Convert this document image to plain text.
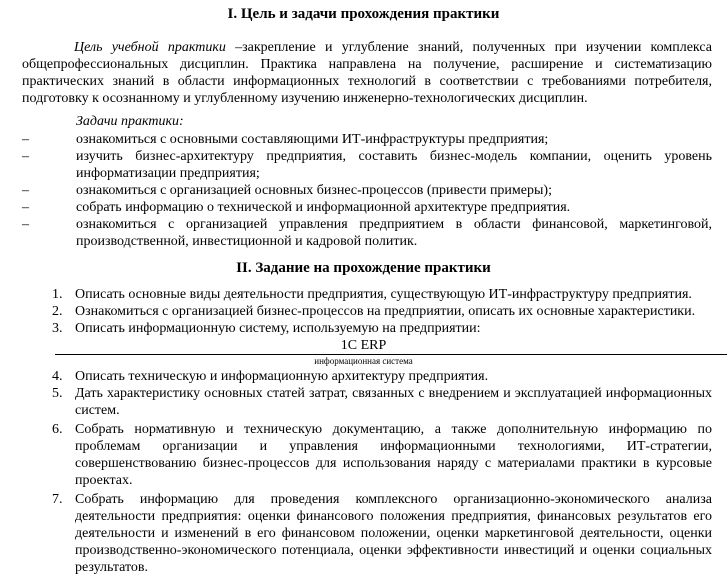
I. Цель и задачи прохождения практики

Цель учебной практики –закрепление и углубление знаний, полученных при изучении комплекса общепрофессиональных дисциплин. Практика направлена на получение, расширение и систематизацию практических знаний в области информационных технологий в соответствии с требованиями потребителя, подготовку к осознанному и углубленному изучению инженерно-технологических дисциплин.

Задачи практики:
–	ознакомиться с основными составляющими ИТ-инфраструктуры предприятия;
–	изучить бизнес-архитектуру предприятия, составить бизнес-модель компании, оценить уровень информатизации предприятия;
–	ознакомиться с организацией основных бизнес-процессов (привести примеры);
–	собрать информацию о технической и информационной архитектуре предприятия.
–	ознакомиться с организацией управления предприятием в области финансовой, маркетинговой, производственной, инвестиционной и кадровой политик.
II. Задание на прохождение практики
1. Описать основные виды деятельности предприятия, существующую ИТ-инфраструктуру предприятия.
2. Ознакомиться с организацией бизнес-процессов на предприятии, описать их основные характеристики.
3. Описать информационную систему, используемую на предприятии:
1С ERP
информационная система
4. Описать техническую и информационную архитектуру предприятия.
5. Дать характеристику основных статей затрат, связанных с внедрением и эксплуатацией информационных систем.
6. Собрать нормативную и техническую документацию, а также дополнительную информацию по проблемам организации и управления информационными технологиями, ИТ-стратегии, совершенствованию бизнес-процессов для использования наряду с материалами практики в курсовые проектах.
7. Собрать информацию для проведения комплексного организационно-экономического анализа деятельности предприятия: оценки финансового положения предприятия, финансовых результатов его деятельности и изменений в его финансовом положении, оценки маркетинговой деятельности, оценки производственно-экономического потенциала, оценки эффективности инвестиций и оценки социальных результатов.
